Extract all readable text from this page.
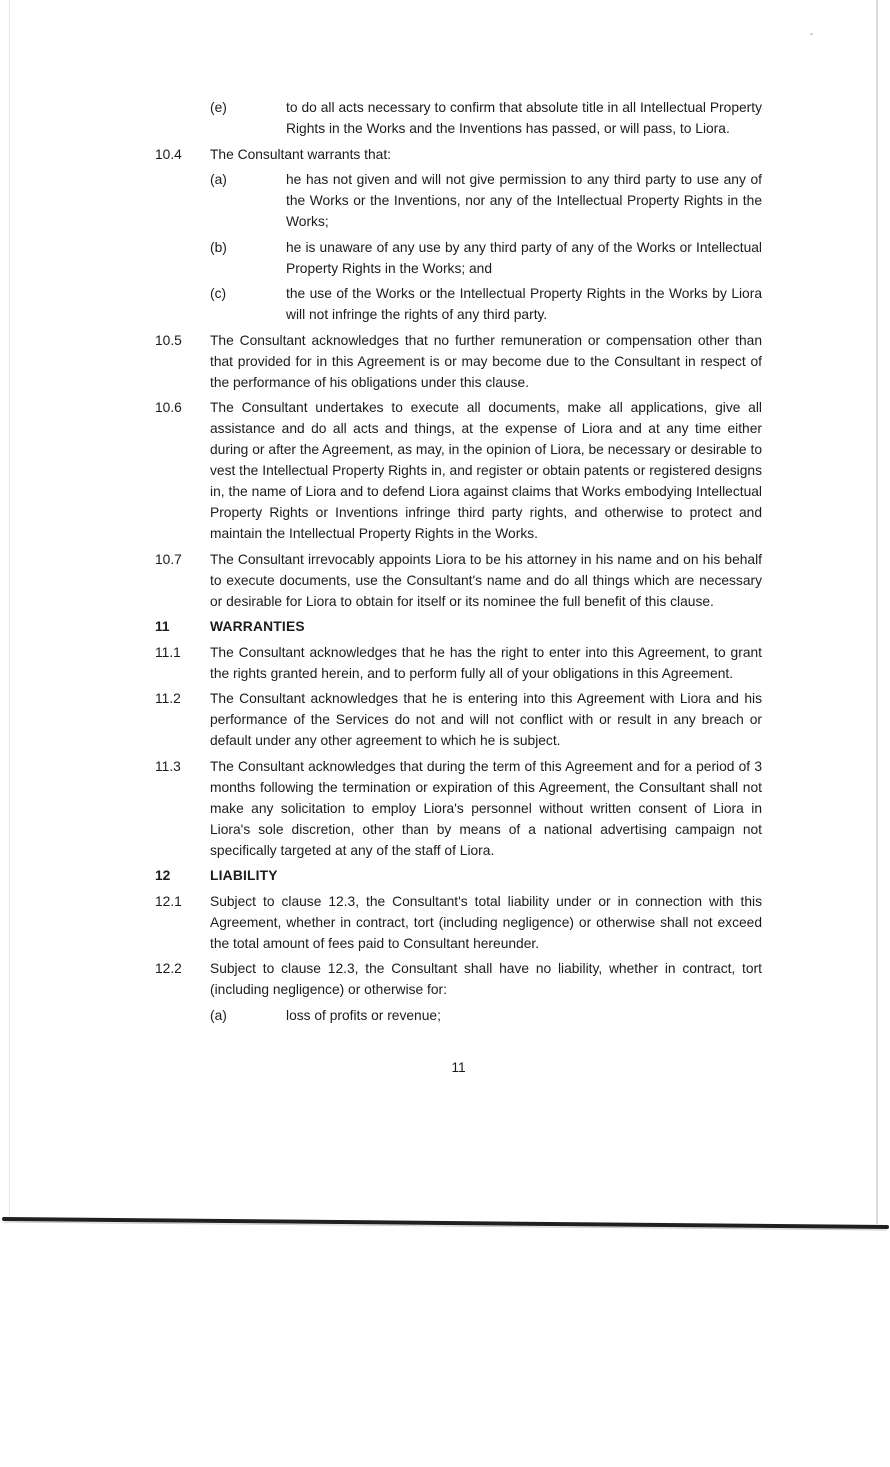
(e)	to do all acts necessary to confirm that absolute title in all Intellectual Property Rights in the Works and the Inventions has passed, or will pass, to Liora.
10.4	The Consultant warrants that:
(a)	he has not given and will not give permission to any third party to use any of the Works or the Inventions, nor any of the Intellectual Property Rights in the Works;
(b)	he is unaware of any use by any third party of any of the Works or Intellectual Property Rights in the Works; and
(c)	the use of the Works or the Intellectual Property Rights in the Works by Liora will not infringe the rights of any third party.
10.5	The Consultant acknowledges that no further remuneration or compensation other than that provided for in this Agreement is or may become due to the Consultant in respect of the performance of his obligations under this clause.
10.6	The Consultant undertakes to execute all documents, make all applications, give all assistance and do all acts and things, at the expense of Liora and at any time either during or after the Agreement, as may, in the opinion of Liora, be necessary or desirable to vest the Intellectual Property Rights in, and register or obtain patents or registered designs in, the name of Liora and to defend Liora against claims that Works embodying Intellectual Property Rights or Inventions infringe third party rights, and otherwise to protect and maintain the Intellectual Property Rights in the Works.
10.7	The Consultant irrevocably appoints Liora to be his attorney in his name and on his behalf to execute documents, use the Consultant's name and do all things which are necessary or desirable for Liora to obtain for itself or its nominee the full benefit of this clause.
11	WARRANTIES
11.1	The Consultant acknowledges that he has the right to enter into this Agreement, to grant the rights granted herein, and to perform fully all of your obligations in this Agreement.
11.2	The Consultant acknowledges that he is entering into this Agreement with Liora and his performance of the Services do not and will not conflict with or result in any breach or default under any other agreement to which he is subject.
11.3	The Consultant acknowledges that during the term of this Agreement and for a period of 3 months following the termination or expiration of this Agreement, the Consultant shall not make any solicitation to employ Liora's personnel without written consent of Liora in Liora's sole discretion, other than by means of a national advertising campaign not specifically targeted at any of the staff of Liora.
12	LIABILITY
12.1	Subject to clause 12.3, the Consultant's total liability under or in connection with this Agreement, whether in contract, tort (including negligence) or otherwise shall not exceed the total amount of fees paid to Consultant hereunder.
12.2	Subject to clause 12.3, the Consultant shall have no liability, whether in contract, tort (including negligence) or otherwise for:
(a)	loss of profits or revenue;
11
